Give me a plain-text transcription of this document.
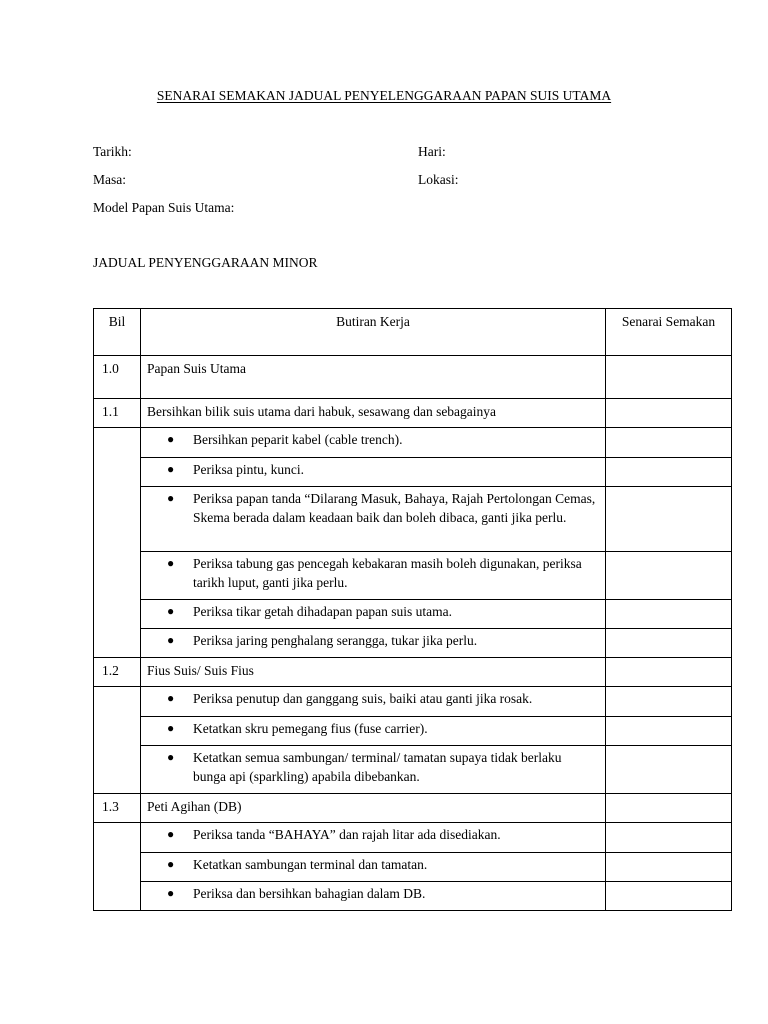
SENARAI SEMAKAN JADUAL PENYELENGGARAAN PAPAN SUIS UTAMA
Tarikh:	Hari:
Masa:	Lokasi:
Model Papan Suis Utama:
JADUAL PENYENGGARAAN MINOR
Bil	Butiran Kerja	Senarai Semakan
1.0	Papan Suis Utama	
1.1	Bersihkan bilik suis utama dari habuk, sesawang dan sebagainya	

	● Bersihkan peparit kabel (cable trench).	

	● Periksa pintu, kunci.	

	● Periksa papan tanda “Dilarang Masuk, Bahaya, Rajah Pertolongan Cemas, Skema berada dalam keadaan baik dan boleh dibaca, ganti jika perlu.	

	● Periksa tabung gas pencegah kebakaran masih boleh digunakan, periksa tarikh luput, ganti jika perlu.	

	● Periksa tikar getah dihadapan papan suis utama.	

	● Periksa jaring penghalang serangga, tukar jika perlu.	

1.2	Fius Suis/ Suis Fius	

	● Periksa penutup dan ganggang suis, baiki atau ganti jika rosak.	

	● Ketatkan skru pemegang fius (fuse carrier).	

	● Ketatkan semua sambungan/ terminal/ tamatan supaya tidak berlaku bunga api (sparkling) apabila dibebankan.	

1.3	Peti Agihan (DB)	

	● Periksa tanda “BAHAYA” dan rajah litar ada disediakan.	

	● Ketatkan sambungan terminal dan tamatan.	

	● Periksa dan bersihkan bahagian dalam DB.	
